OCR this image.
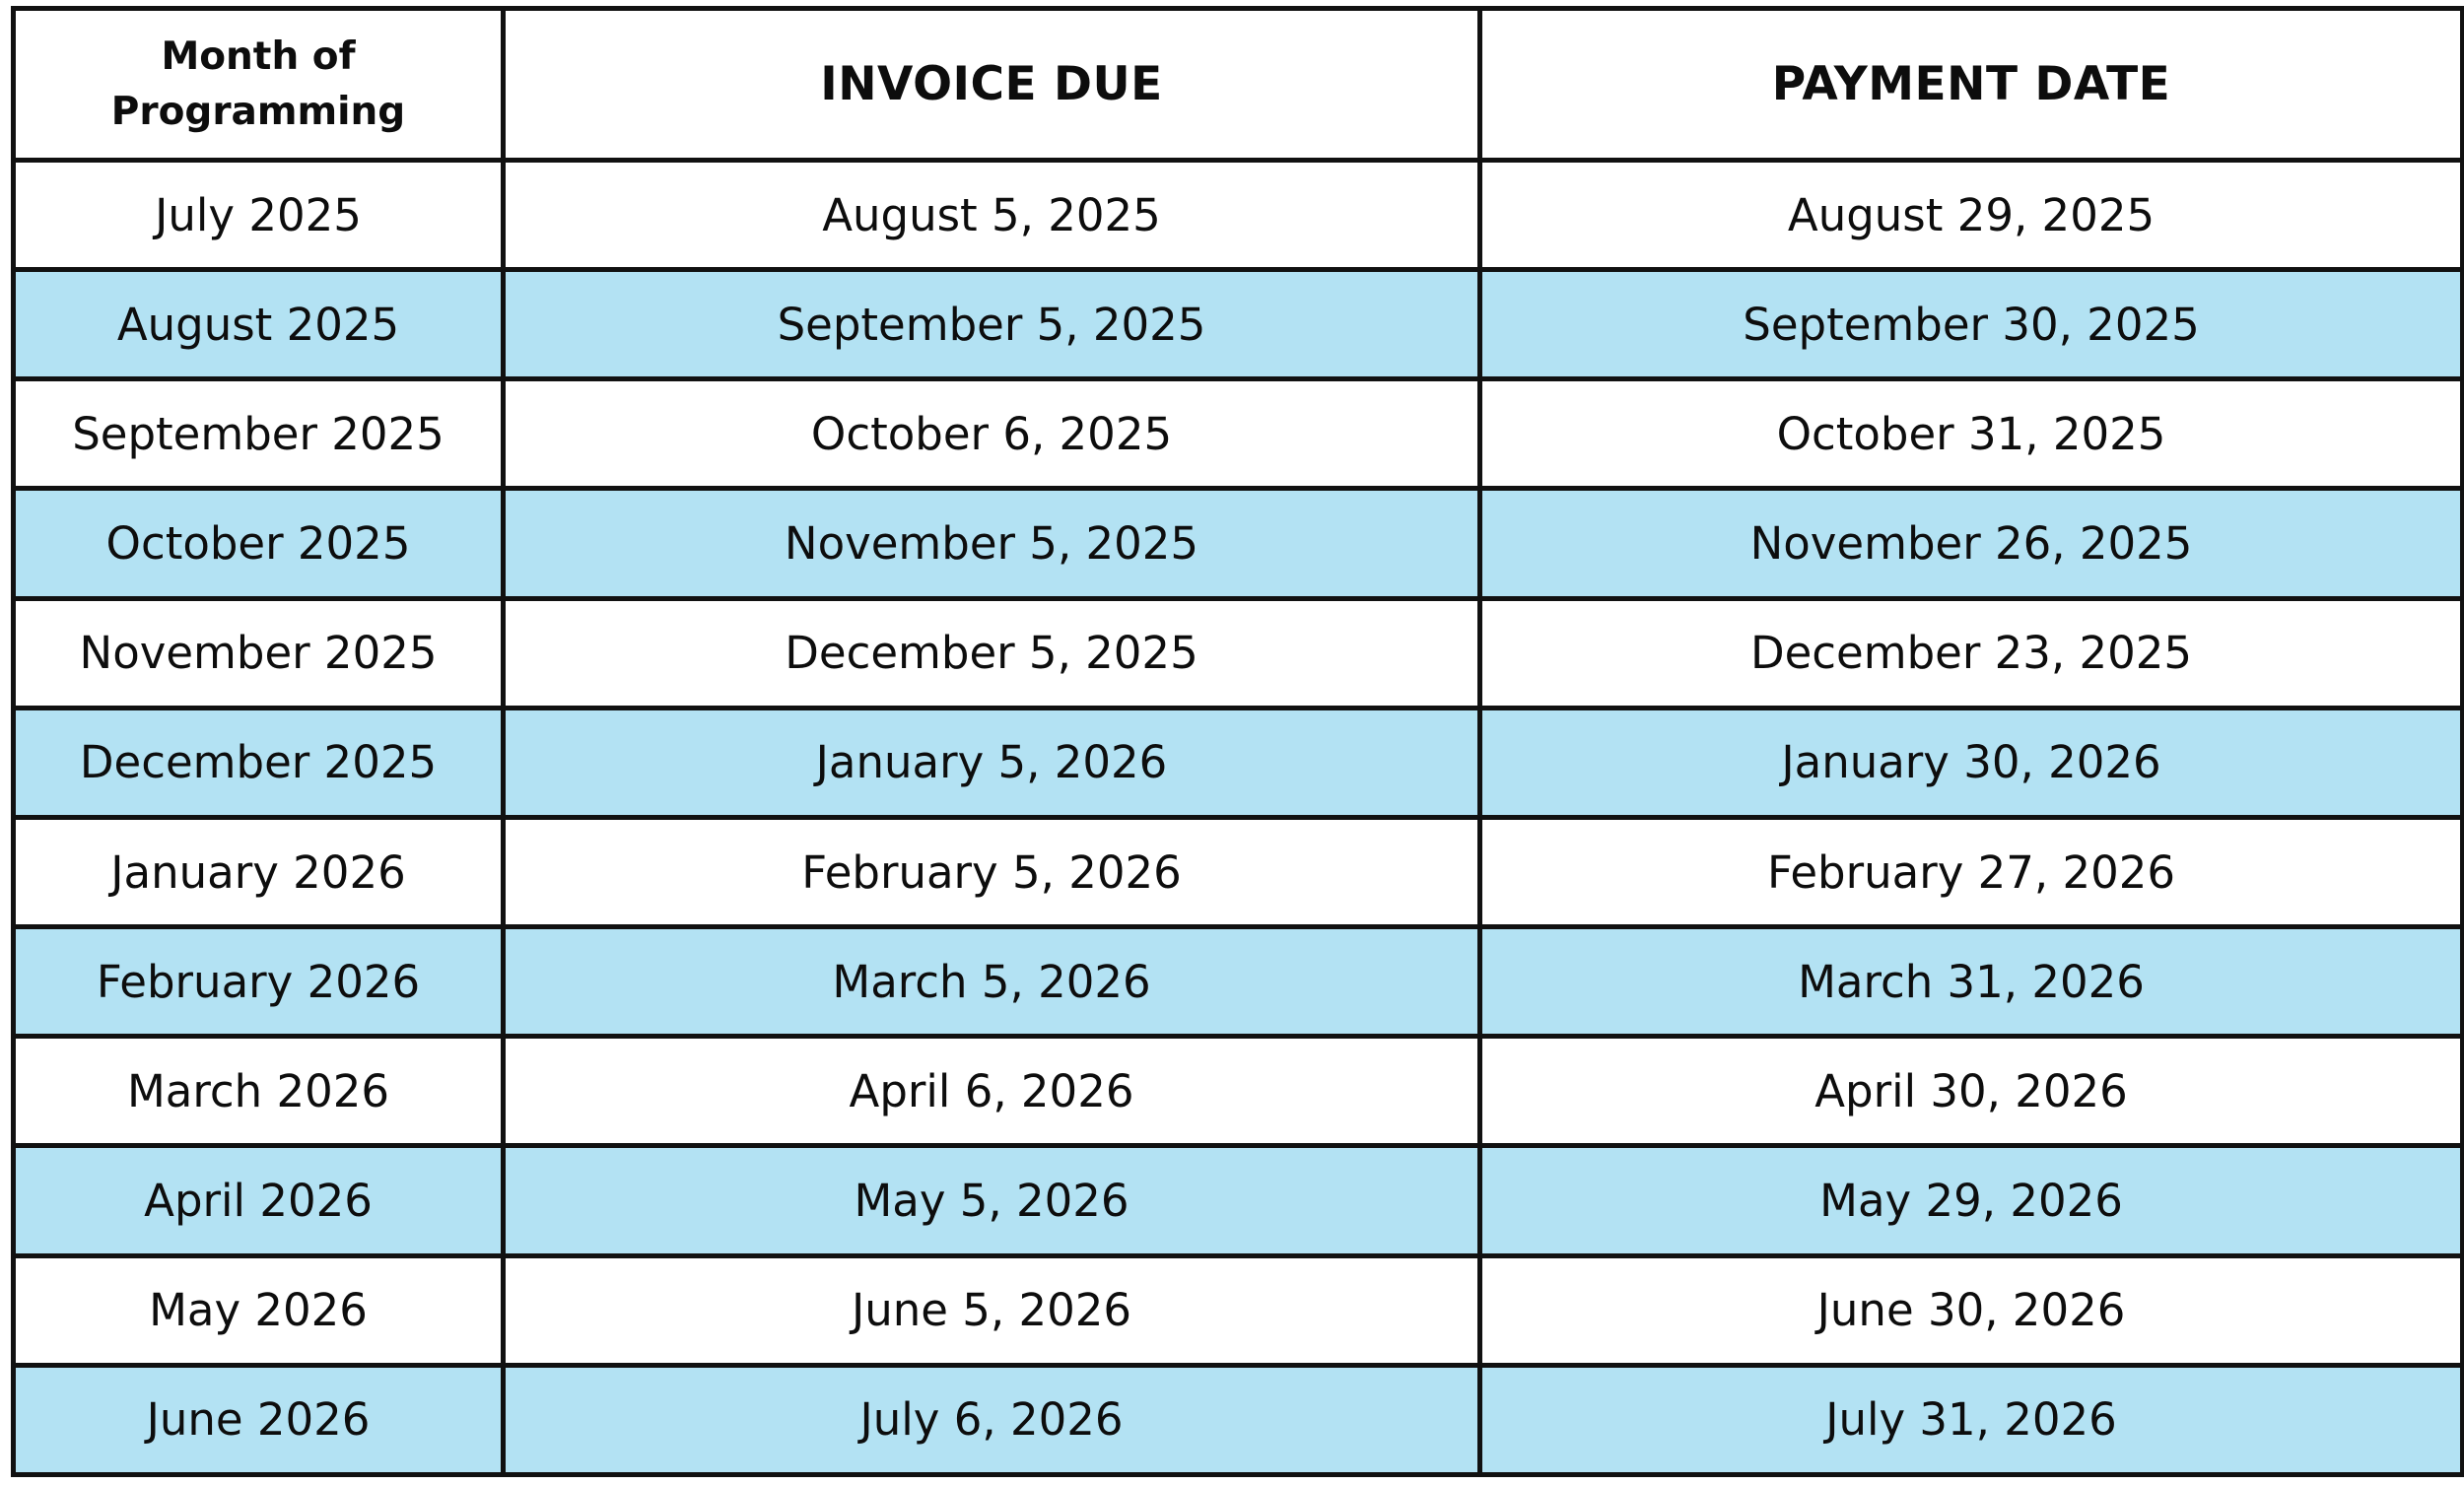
Month of Programming	INVOICE DUE	PAYMENT DATE
July 2025	August 5, 2025	August 29, 2025
August 2025	September 5, 2025	September 30, 2025
September 2025	October 6, 2025	October 31, 2025
October 2025	November 5, 2025	November 26, 2025
November 2025	December 5, 2025	December 23, 2025
December 2025	January 5, 2026	January 30, 2026
January 2026	February 5, 2026	February 27, 2026
February 2026	March 5, 2026	March 31, 2026
March 2026	April 6, 2026	April 30, 2026
April 2026	May 5, 2026	May 29, 2026
May 2026	June 5, 2026	June 30, 2026
June 2026	July 6, 2026	July 31, 2026
